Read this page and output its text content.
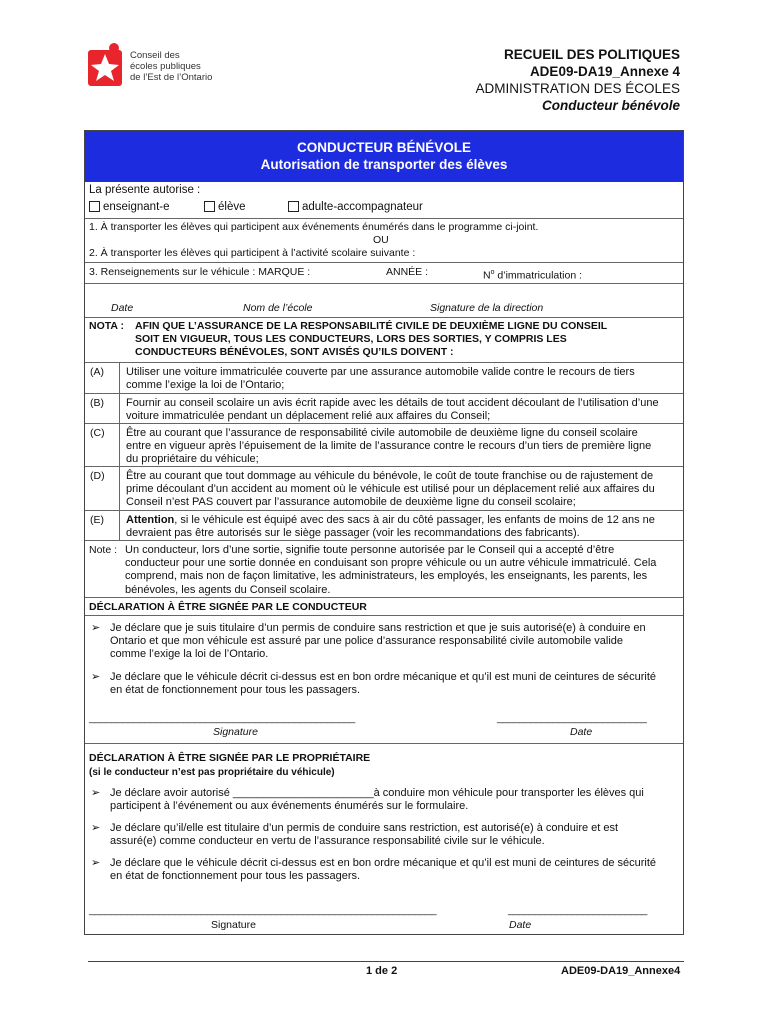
Conseil des
écoles publiques
de l’Est de l’Ontario
RECUEIL DES POLITIQUES
ADE09-DA19_Annexe 4
ADMINISTRATION DES ÉCOLES
Conducteur bénévole
CONDUCTEUR BÉNÉVOLE
Autorisation de transporter des élèves
La présente autorise :
enseignant-e	élève	adulte-accompagnateur
1. À transporter les élèves qui participent aux événements énumérés dans le programme ci-joint.
OU
2. À transporter les élèves qui participent à l’activité scolaire suivante :
3. Renseignements sur le véhicule : MARQUE :	ANNÉE :	$N^o$ d’immatriculation :
Date	Nom de l’école	Signature de la direction
NOTA : AFIN QUE L’ASSURANCE DE LA RESPONSABILITÉ CIVILE DE DEUXIÈME LIGNE DU CONSEIL
SOIT EN VIGUEUR, TOUS LES CONDUCTEURS, LORS DES SORTIES, Y COMPRIS LES
CONDUCTEURS BÉNÉVOLES, SONT AVISÉS QU’ILS DOIVENT :
(A) Utiliser une voiture immatriculée couverte par une assurance automobile valide contre le recours de tiers
comme l’exige la loi de l’Ontario;
(B) Fournir au conseil scolaire un avis écrit rapide avec les détails de tout accident découlant de l’utilisation d’une
voiture immatriculée pendant un déplacement relié aux affaires du Conseil;
(C) Être au courant que l’assurance de responsabilité civile automobile de deuxième ligne du conseil scolaire
entre en vigueur après l’épuisement de la limite de l’assurance contre le recours d’un tiers de première ligne
du propriétaire du véhicule;
(D) Être au courant que tout dommage au véhicule du bénévole, le coût de toute franchise ou de rajustement de
prime découlant d’un accident au moment où le véhicule est utilisé pour un déplacement relié aux affaires du
Conseil n’est PAS couvert par l’assurance automobile de deuxième ligne du conseil scolaire;
(E) Attention, si le véhicule est équipé avec des sacs à air du côté passager, les enfants de moins de 12 ans ne
devraient pas être autorisés sur le siège passager (voir les recommandations des fabricants).
Note : Un conducteur, lors d’une sortie, signifie toute personne autorisée par le Conseil qui a accepté d’être
conducteur pour une sortie donnée en conduisant son propre véhicule ou un autre véhicule immatriculé. Cela
comprend, mais non de façon limitative, les administrateurs, les employés, les enseignants, les parents, les
bénévoles, les agents du Conseil scolaire.
DÉCLARATION À ÊTRE SIGNÉE PAR LE CONDUCTEUR
➢ Je déclare que je suis titulaire d’un permis de conduire sans restriction et que je suis autorisé(e) à conduire en
Ontario et que mon véhicule est assuré par une police d’assurance responsabilité civile automobile valide
comme l’exige la loi de l’Ontario.
➢ Je déclare que le véhicule décrit ci-dessus est en bon ordre mécanique et qu’il est muni de ceintures de sécurité
en état de fonctionnement pour tous les passagers.
________________________________________________	___________________________
Signature	Date
DÉCLARATION À ÊTRE SIGNÉE PAR LE PROPRIÉTAIRE
(si le conducteur n’est pas propriétaire du véhicule)
➢ Je déclare avoir autorisé _______________________à conduire mon véhicule pour transporter les élèves qui
participent à l’événement ou aux événements énumérés sur le formulaire.
➢ Je déclare qu’il/elle est titulaire d’un permis de conduire sans restriction, est autorisé(e) à conduire et est
assuré(e) comme conducteur en vertu de l’assurance responsabilité civile sur le véhicule.
➢ Je déclare que le véhicule décrit ci-dessus est en bon ordre mécanique et qu’il est muni de ceintures de sécurité
en état de fonctionnement pour tous les passagers.
_________________________________________________________________	__________________________
Signature	Date
1 de 2	ADE09-DA19_Annexe4
